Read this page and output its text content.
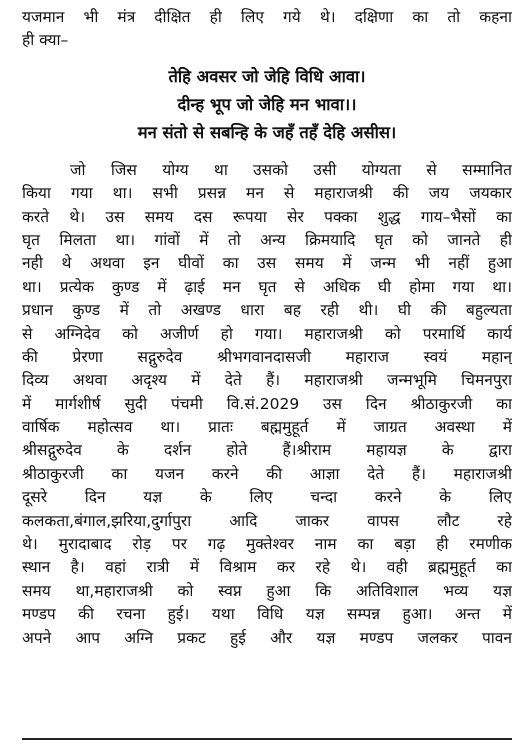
यजमान भी मंत्र दीक्षित ही लिए गये थे। दक्षिणा का तो कहना
ही क्या–
तेहि अवसर जो जेहि विधि आवा।
दीन्ह भूप जो जेहि मन भावा।।
मन संतो से सबन्हि के जहँ तहँ देहि असीस।
जो जिस योग्य था उसको उसी योग्यता से सम्मानित
किया गया था। सभी प्रसन्न मन से महाराजश्री की जय जयकार
करते थे। उस समय दस रूपया सेर पक्का शुद्ध गाय–भैसों का
घृत मिलता था। गांवों में तो अन्य क्रिमयादि घृत को जानते ही
नही थे अथवा इन घीवों का उस समय में जन्म भी नहीं हुआ
था। प्रत्येक कुण्ड में ढ़ाई मन घृत से अधिक घी होमा गया था।
प्रधान कुण्ड में तो अखण्ड धारा बह रही थी। घी की बहुल्यता
से अग्निदेव को अजीर्ण हो गया। महाराजश्री को परमार्थि कार्य
की प्रेरणा सद्गुरुदेव श्रीभगवानदासजी महाराज स्वयं महान्
दिव्य अथवा अदृश्य में देते हैं। महाराजश्री जन्मभूमि चिमनपुरा
में मार्गशीर्ष सुदी पंचमी वि.सं.2029 उस दिन श्रीठाकुरजी का
वार्षिक महोत्सव था। प्रातः बह्ममुहूर्त में जाग्रत अवस्था में
श्रीसद्गुरुदेव के दर्शन होते हैं।श्रीराम महायज्ञ के द्वारा
श्रीठाकुरजी का यजन करने की आज्ञा देते हैं। महाराजश्री
दूसरे दिन यज्ञ के लिए चन्दा करने के लिए
कलकता,बंगाल,झरिया,दुर्गापुरा आदि जाकर वापस लौट रहे
थे। मुरादाबाद रोड़ पर गढ़ मुक्तेश्वर नाम का बड़ा ही रमणीक
स्थान है। वहां रात्री में विश्राम कर रहे थे। वही ब्रह्ममुहूर्त का
समय था,महाराजश्री को स्वप्न हुआ कि अतिविशाल भव्य यज्ञ
मण्डप की रचना हुई। यथा विधि यज्ञ सम्पन्न हुआ। अन्त में
अपने आप अग्नि प्रकट हुई और यज्ञ मण्डप जलकर पावन
